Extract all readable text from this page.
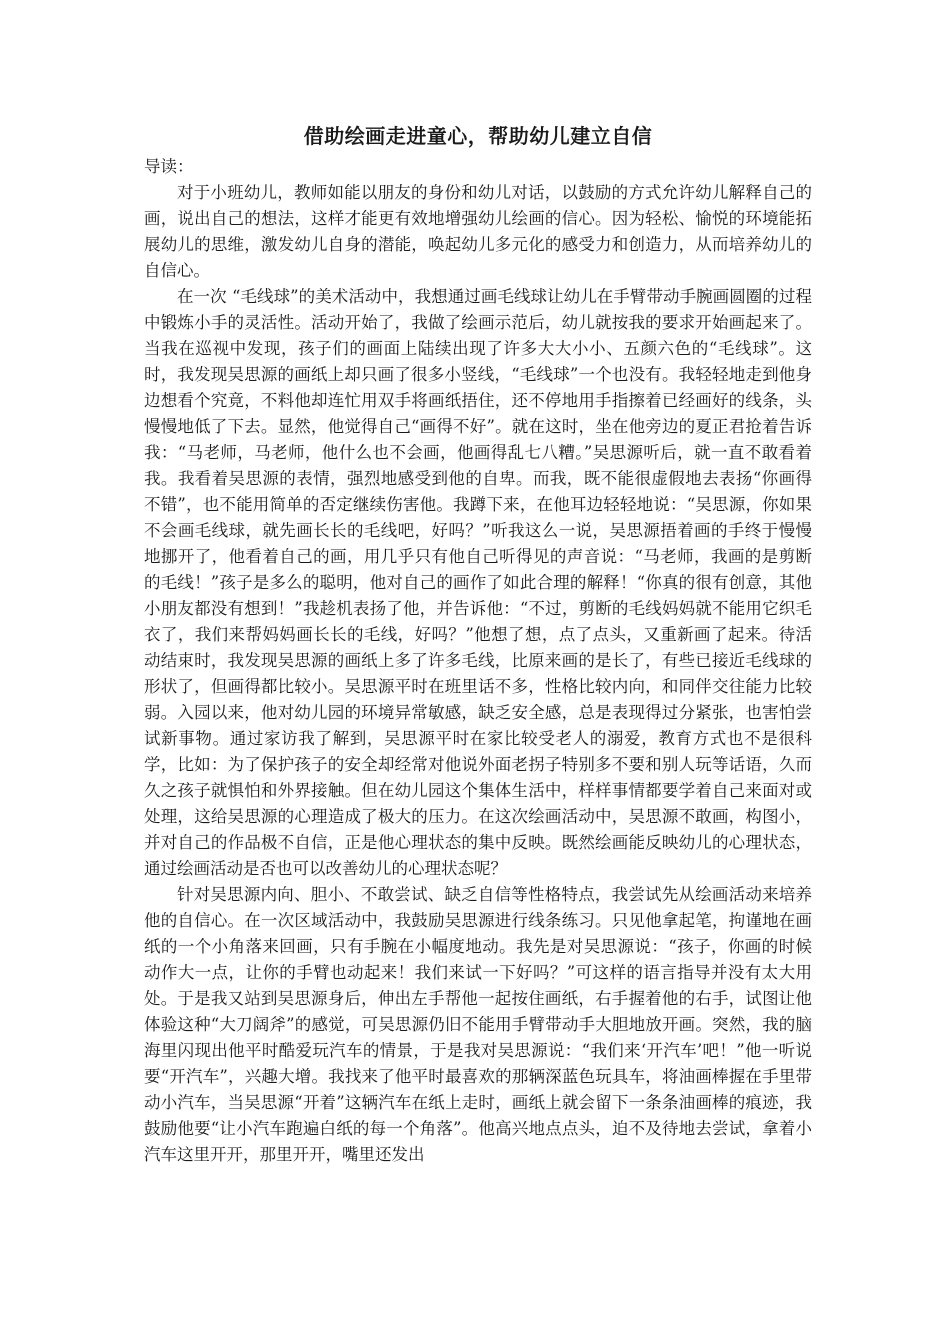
借助绘画走进童心，帮助幼儿建立自信

导读：

对于小班幼儿，教师如能以朋友的身份和幼儿对话，以鼓励的方式允许幼儿解释自己的画，说出自己的想法，这样才能更有效地增强幼儿绘画的信心。因为轻松、愉悦的环境能拓展幼儿的思维，激发幼儿自身的潜能，唤起幼儿多元化的感受力和创造力，从而培养幼儿的自信心。

在一次 “毛线球”的美术活动中，我想通过画毛线球让幼儿在手臂带动手腕画圆圈的过程中锻炼小手的灵活性。活动开始了，我做了绘画示范后，幼儿就按我的要求开始画起来了。当我在巡视中发现，孩子们的画面上陆续出现了许多大大小小、五颜六色的“毛线球”。这时，我发现吴思源的画纸上却只画了很多小竖线，“毛线球”一个也没有。我轻轻地走到他身边想看个究竟，不料他却连忙用双手将画纸捂住，还不停地用手指擦着已经画好的线条，头慢慢地低了下去。显然，他觉得自己“画得不好”。就在这时，坐在他旁边的夏正君抢着告诉我：“马老师，马老师，他什么也不会画，他画得乱七八糟。”吴思源听后，就一直不敢看着我。我看着吴思源的表情，强烈地感受到他的自卑。而我，既不能很虚假地去表扬“你画得不错”，也不能用简单的否定继续伤害他。我蹲下来，在他耳边轻轻地说：“吴思源，你如果不会画毛线球，就先画长长的毛线吧，好吗？”听我这么一说，吴思源捂着画的手终于慢慢地挪开了，他看着自己的画，用几乎只有他自己听得见的声音说：“马老师，我画的是剪断的毛线！”孩子是多么的聪明，他对自己的画作了如此合理的解释！“你真的很有创意，其他小朋友都没有想到！”我趁机表扬了他，并告诉他：“不过，剪断的毛线妈妈就不能用它织毛衣了，我们来帮妈妈画长长的毛线，好吗？”他想了想，点了点头，又重新画了起来。待活动结束时，我发现吴思源的画纸上多了许多毛线，比原来画的是长了，有些已接近毛线球的形状了，但画得都比较小。吴思源平时在班里话不多，性格比较内向，和同伴交往能力比较弱。入园以来，他对幼儿园的环境异常敏感，缺乏安全感，总是表现得过分紧张，也害怕尝试新事物。通过家访我了解到，吴思源平时在家比较受老人的溺爱，教育方式也不是很科学，比如：为了保护孩子的安全却经常对他说外面老拐子特别多不要和别人玩等话语，久而久之孩子就惧怕和外界接触。但在幼儿园这个集体生活中，样样事情都要学着自己来面对或处理，这给吴思源的心理造成了极大的压力。在这次绘画活动中，吴思源不敢画，构图小，并对自己的作品极不自信，正是他心理状态的集中反映。既然绘画能反映幼儿的心理状态，通过绘画活动是否也可以改善幼儿的心理状态呢？

针对吴思源内向、胆小、不敢尝试、缺乏自信等性格特点，我尝试先从绘画活动来培养他的自信心。在一次区域活动中，我鼓励吴思源进行线条练习。只见他拿起笔，拘谨地在画纸的一个小角落来回画，只有手腕在小幅度地动。我先是对吴思源说：“孩子，你画的时候动作大一点，让你的手臂也动起来！我们来试一下好吗？”可这样的语言指导并没有太大用处。于是我又站到吴思源身后，伸出左手帮他一起按住画纸，右手握着他的右手，试图让他体验这种“大刀阔斧”的感觉，可吴思源仍旧不能用手臂带动手大胆地放开画。突然，我的脑海里闪现出他平时酷爱玩汽车的情景，于是我对吴思源说：“我们来‘开汽车’吧！”他一听说要“开汽车”，兴趣大增。我找来了他平时最喜欢的那辆深蓝色玩具车，将油画棒握在手里带动小汽车，当吴思源“开着”这辆汽车在纸上走时，画纸上就会留下一条条油画棒的痕迹，我鼓励他要“让小汽车跑遍白纸的每一个角落”。他高兴地点点头，迫不及待地去尝试，拿着小汽车这里开开，那里开开，嘴里还发出
